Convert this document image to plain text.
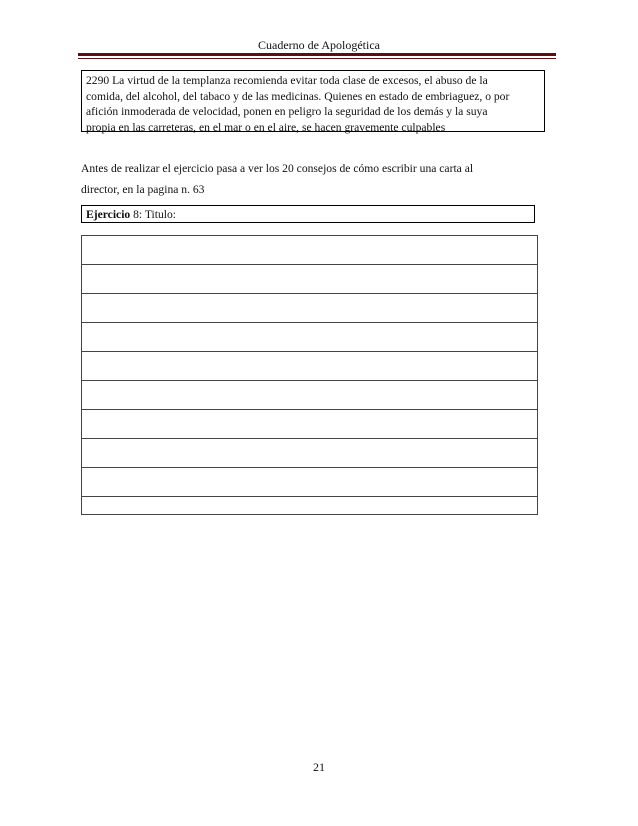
Cuaderno de Apologética
2290 La virtud de la templanza recomienda evitar toda clase de excesos, el abuso de la
comida, del alcohol, del tabaco y de las medicinas. Quienes en estado de embriaguez, o por
afición inmoderada de velocidad, ponen en peligro la seguridad de los demás y la suya
propia en las carreteras, en el mar o en el aire, se hacen gravemente culpables
Antes de realizar el ejercicio pasa a ver los 20 consejos de cómo escribir una carta al
director, en la pagina n. 63
Ejercicio 8: Titulo:

21
